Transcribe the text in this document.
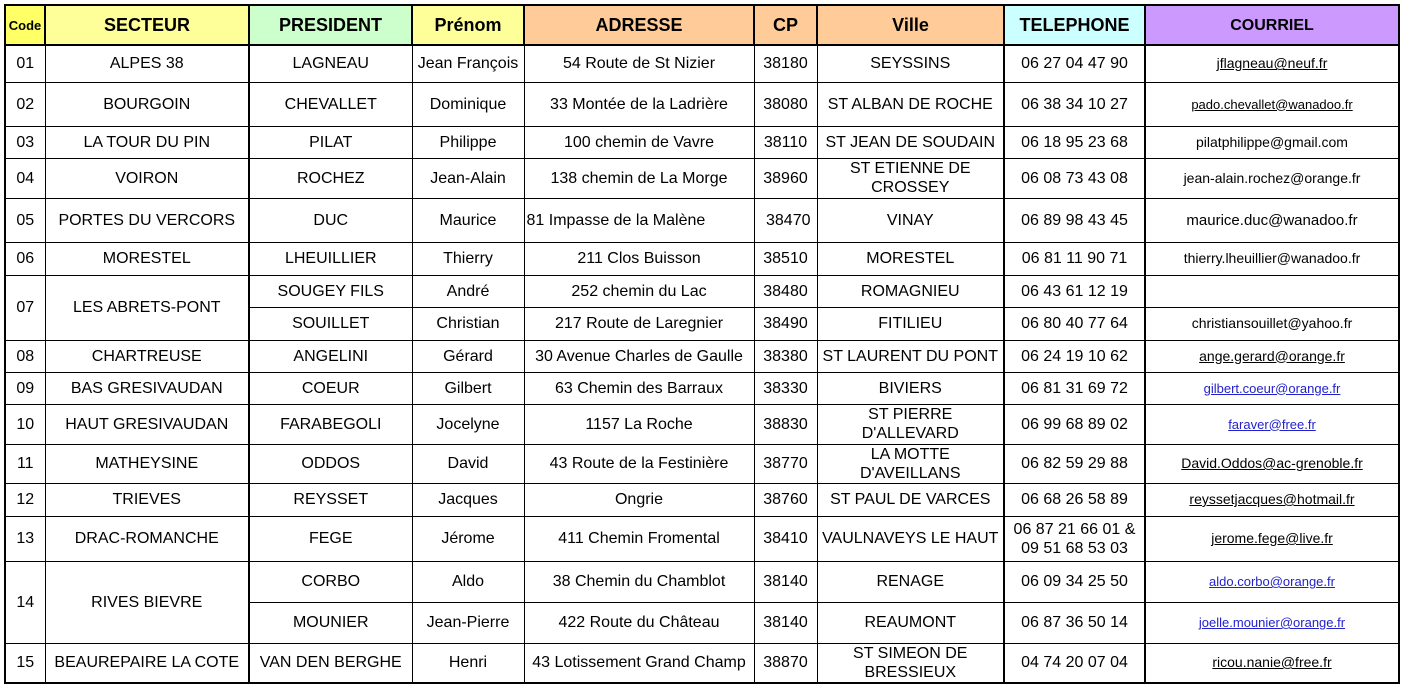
Code	SECTEUR	PRESIDENT	Prénom	ADRESSE	CP	Ville	TELEPHONE	COURRIEL
01	ALPES 38	LAGNEAU	Jean François	54 Route de St Nizier	38180	SEYSSINS	06 27 04 47 90	jflagneau@neuf.fr
02	BOURGOIN	CHEVALLET	Dominique	33 Montée de la Ladrière	38080	ST ALBAN DE ROCHE	06 38 34 10 27	pado.chevallet@wanadoo.fr
03	LA TOUR DU PIN	PILAT	Philippe	100 chemin de Vavre	38110	ST JEAN DE SOUDAIN	06 18 95 23 68	pilatphilippe@gmail.com
04	VOIRON	ROCHEZ	Jean-Alain	138 chemin de La Morge	38960	ST ETIENNE DE CROSSEY	06 08 73 43 08	jean-alain.rochez@orange.fr
05	PORTES DU VERCORS	DUC	Maurice	81 Impasse de la Malène	38470	VINAY	06 89 98 43 45	maurice.duc@wanadoo.fr
06	MORESTEL	LHEUILLIER	Thierry	211 Clos Buisson	38510	MORESTEL	06 81 11 90 71	thierry.lheuillier@wanadoo.fr
07	LES ABRETS-PONT	SOUGEY FILS	André	252 chemin du Lac	38480	ROMAGNIEU	06 43 61 12 19	
		SOUILLET	Christian	217 Route de Laregnier	38490	FITILIEU	06 80 40 77 64	christiansouillet@yahoo.fr
08	CHARTREUSE	ANGELINI	Gérard	30 Avenue Charles de Gaulle	38380	ST LAURENT DU PONT	06 24 19 10 62	ange.gerard@orange.fr
09	BAS GRESIVAUDAN	COEUR	Gilbert	63 Chemin des Barraux	38330	BIVIERS	06 81 31 69 72	gilbert.coeur@orange.fr
10	HAUT GRESIVAUDAN	FARABEGOLI	Jocelyne	1157 La Roche	38830	ST PIERRE D'ALLEVARD	06 99 68 89 02	faraver@free.fr
11	MATHEYSINE	ODDOS	David	43 Route de la Festinière	38770	LA MOTTE D'AVEILLANS	06 82 59 29 88	David.Oddos@ac-grenoble.fr
12	TRIEVES	REYSSET	Jacques	Ongrie	38760	ST PAUL DE VARCES	06 68 26 58 89	reyssetjacques@hotmail.fr
13	DRAC-ROMANCHE	FEGE	Jérome	411 Chemin Fromental	38410	VAULNAVEYS LE HAUT	06 87 21 66 01 & 09 51 68 53 03	jerome.fege@live.fr
14	RIVES BIEVRE	CORBO	Aldo	38 Chemin du Chamblot	38140	RENAGE	06 09 34 25 50	aldo.corbo@orange.fr
		MOUNIER	Jean-Pierre	422 Route du Château	38140	REAUMONT	06 87 36 50 14	joelle.mounier@orange.fr
15	BEAUREPAIRE LA COTE	VAN DEN BERGHE	Henri	43 Lotissement Grand Champ	38870	ST SIMEON DE BRESSIEUX	04 74 20 07 04	ricou.nanie@free.fr
